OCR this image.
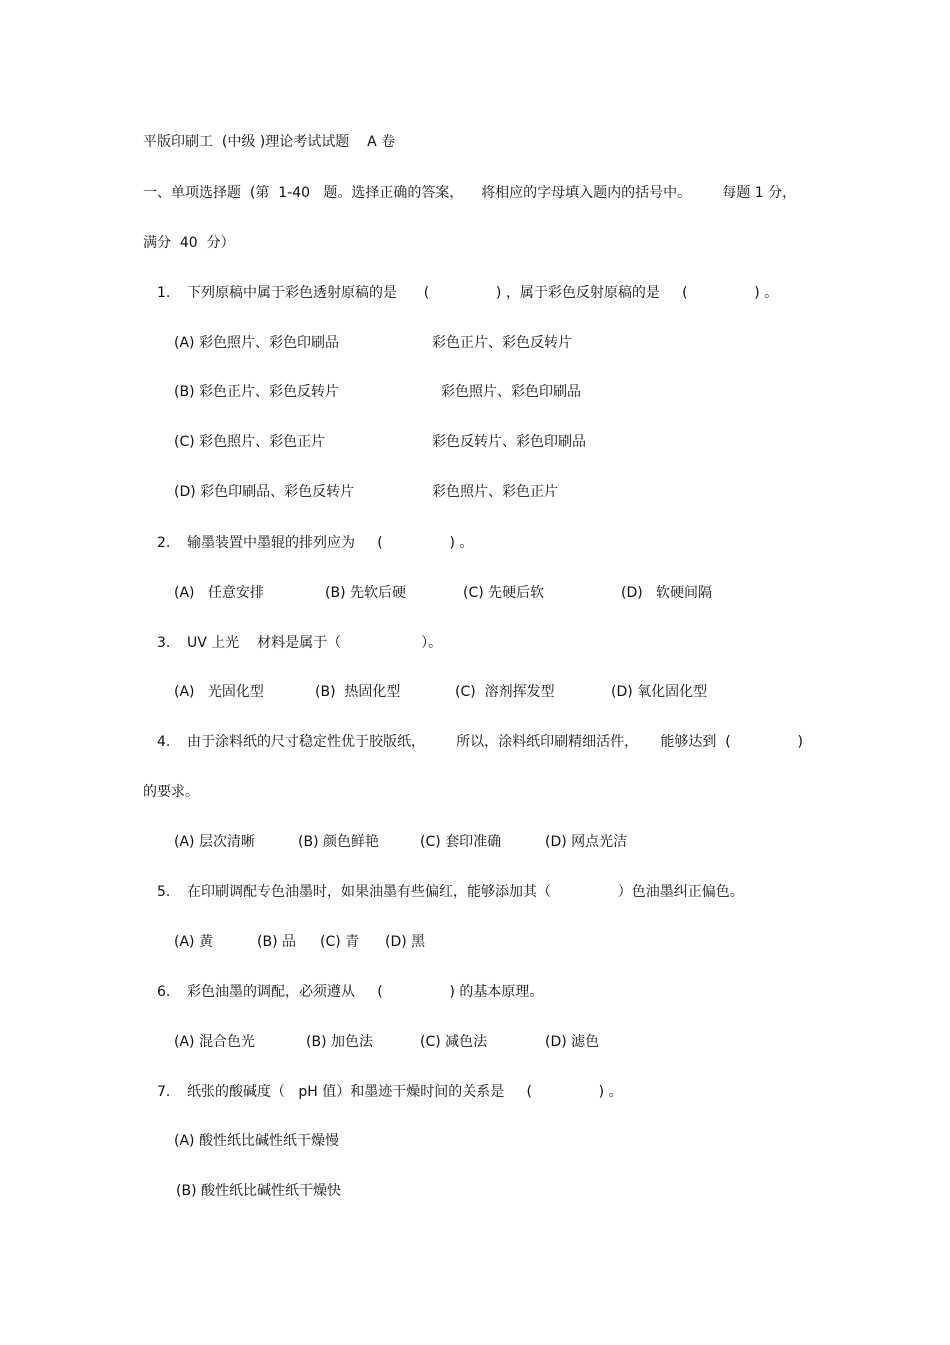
平版印刷工  (中级 )理论考试试题    A 卷
一、单项选择题  (第  1-40   题。选择正确的答案，    将相应的字母填入题内的括号中。       每题 1 分，
满分  40  分）
1. 下列原稿中属于彩色透射原稿的是      (               ) ，属于彩色反射原稿的是     (               ) 。
(A) 彩色照片、彩色印刷品	彩色正片、彩色反转片
(B) 彩色正片、彩色反转片	彩色照片、彩色印刷品
(C) 彩色照片、彩色正片	彩色反转片、彩色印刷品
(D) 彩色印刷品、彩色反转片	彩色照片、彩色正片
2. 输墨装置中墨辊的排列应为     (               ) 。
(A)   任意安排	(B) 先软后硬	(C) 先硬后软	(D)   软硬间隔
3. UV 上光    材料是属于（                  ）。
(A)   光固化型	(B)  热固化型	(C)  溶剂挥发型	(D) 氧化固化型
4. 由于涂料纸的尺寸稳定性优于胶版纸，       所以，涂料纸印刷精细活件，     能够达到  (               )
的要求。
(A) 层次清晰	(B) 颜色鲜艳	(C) 套印准确	(D) 网点光洁
5. 在印刷调配专色油墨时，如果油墨有些偏红，能够添加其（               ）色油墨纠正偏色。
(A) 黄	(B) 品 (C) 青 (D) 黑
6. 彩色油墨的调配，必须遵从     (               ) 的基本原理。
(A) 混合色光	(B) 加色法	(C) 减色法	(D) 滤色
7. 纸张的酸碱度（   pH 值）和墨迹干燥时间的关系是     (               ) 。
(A) 酸性纸比碱性纸干燥慢
(B) 酸性纸比碱性纸干燥快
